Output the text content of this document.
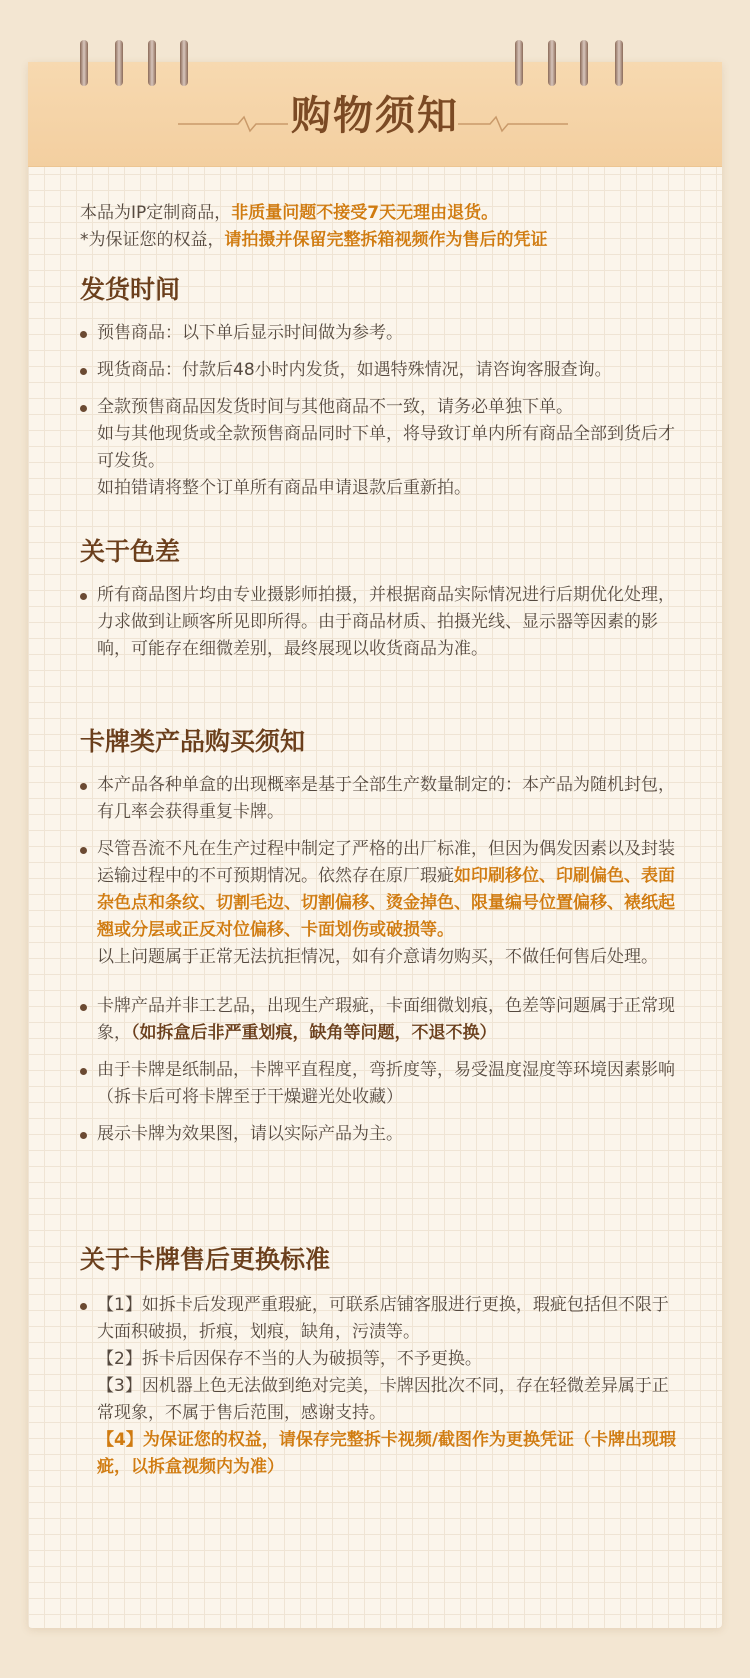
购物须知

本品为IP定制商品，非质量问题不接受7天无理由退货。

*为保证您的权益，请拍摄并保留完整拆箱视频作为售后的凭证

发货时间

预售商品：以下单后显示时间做为参考。

现货商品：付款后48小时内发货，如遇特殊情况，请咨询客服查询。

全款预售商品因发货时间与其他商品不一致，请务必单独下单。

如与其他现货或全款预售商品同时下单，将导致订单内所有商品全部到货后才可发货。

如拍错请将整个订单所有商品申请退款后重新拍。

关于色差

所有商品图片均由专业摄影师拍摄，并根据商品实际情况进行后期优化处理，力求做到让顾客所见即所得。由于商品材质、拍摄光线、显示器等因素的影响，可能存在细微差别，最终展现以收货商品为准。

卡牌类产品购买须知

本产品各种单盒的出现概率是基于全部生产数量制定的：本产品为随机封包，有几率会获得重复卡牌。

尽管吾流不凡在生产过程中制定了严格的出厂标准，但因为偶发因素以及封装运输过程中的不可预期情况。依然存在原厂瑕疵如印刷移位、印刷偏色、表面杂色点和条纹、切割毛边、切割偏移、烫金掉色、限量编号位置偏移、裱纸起翘或分层或正反对位偏移、卡面划伤或破损等。

以上问题属于正常无法抗拒情况，如有介意请勿购买，不做任何售后处理。

卡牌产品并非工艺品，出现生产瑕疵，卡面细微划痕，色差等问题属于正常现象，（如拆盒后非严重划痕，缺角等问题，不退不换）

由于卡牌是纸制品，卡牌平直程度，弯折度等，易受温度湿度等环境因素影响（拆卡后可将卡牌至于干燥避光处收藏）

展示卡牌为效果图，请以实际产品为主。

关于卡牌售后更换标准

【1】如拆卡后发现严重瑕疵，可联系店铺客服进行更换，瑕疵包括但不限于大面积破损，折痕，划痕，缺角，污渍等。

【2】拆卡后因保存不当的人为破损等，不予更换。

【3】因机器上色无法做到绝对完美，卡牌因批次不同，存在轻微差异属于正常现象，不属于售后范围，感谢支持。

【4】为保证您的权益，请保存完整拆卡视频/截图作为更换凭证（卡牌出现瑕疵，以拆盒视频内为准）
